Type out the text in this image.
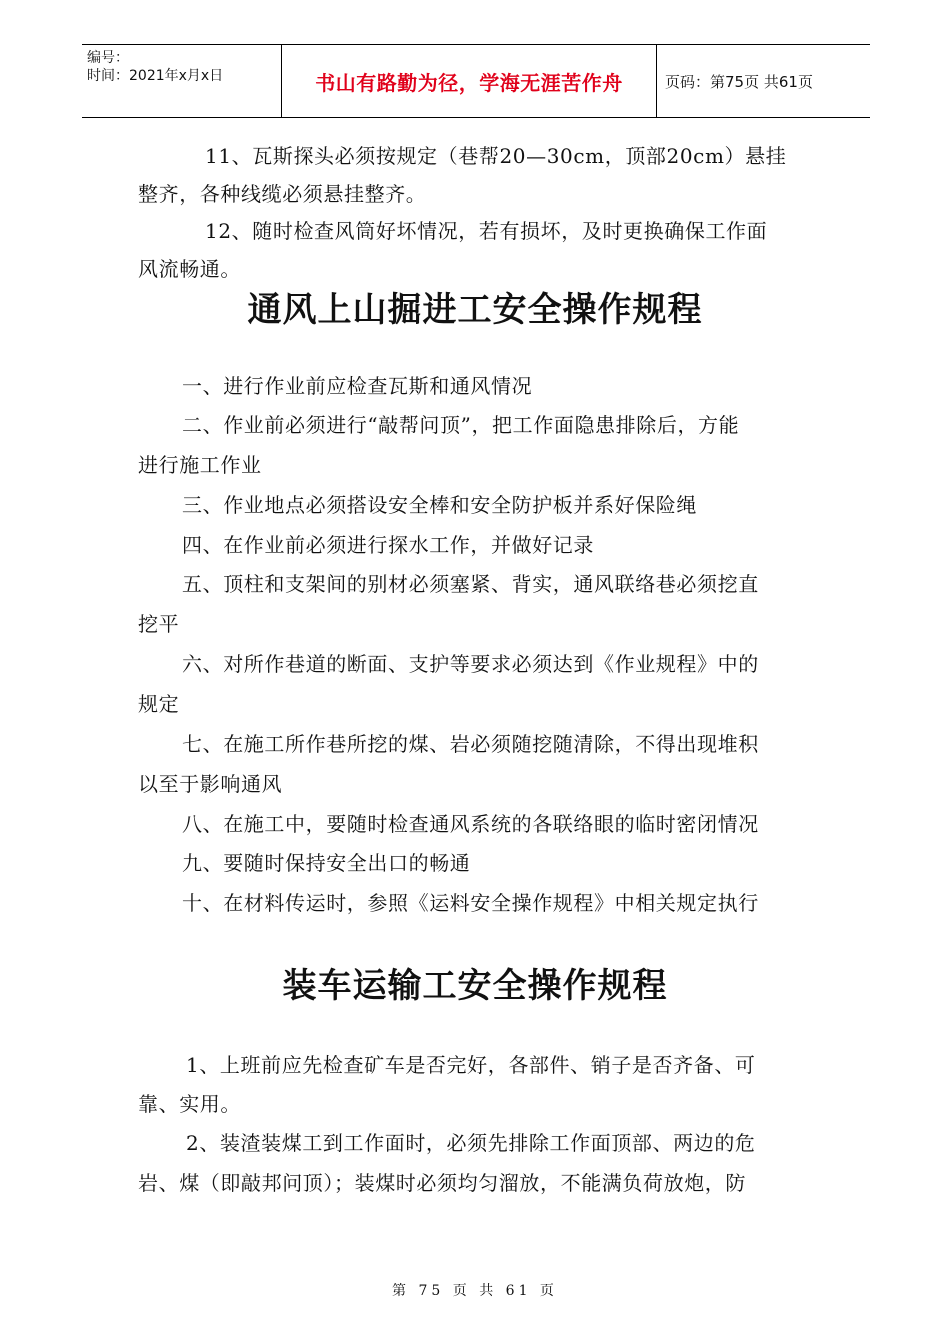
编号：
时间：2021年x月x日	书山有路勤为径，学海无涯苦作舟	页码：第75页 共61页
11、瓦斯探头必须按规定（巷帮20—30cm，顶部20cm）悬挂
整齐，各种线缆必须悬挂整齐。
12、随时检查风筒好坏情况，若有损坏，及时更换确保工作面
风流畅通。
通风上山掘进工安全操作规程
一、进行作业前应检查瓦斯和通风情况
二、作业前必须进行“敲帮问顶”，把工作面隐患排除后，方能
进行施工作业
三、作业地点必须搭设安全棒和安全防护板并系好保险绳
四、在作业前必须进行探水工作，并做好记录
五、顶柱和支架间的别材必须塞紧、背实，通风联络巷必须挖直
挖平
六、对所作巷道的断面、支护等要求必须达到《作业规程》中的
规定
七、在施工所作巷所挖的煤、岩必须随挖随清除，不得出现堆积
以至于影响通风
八、在施工中，要随时检查通风系统的各联络眼的临时密闭情况
九、要随时保持安全出口的畅通
十、在材料传运时，参照《运料安全操作规程》中相关规定执行
装车运输工安全操作规程
1、上班前应先检查矿车是否完好，各部件、销子是否齐备、可
靠、实用。
2、装渣装煤工到工作面时，必须先排除工作面顶部、两边的危
岩、煤（即敲邦问顶）；装煤时必须均匀溜放，不能满负荷放炮，防
第 75 页 共 61 页
